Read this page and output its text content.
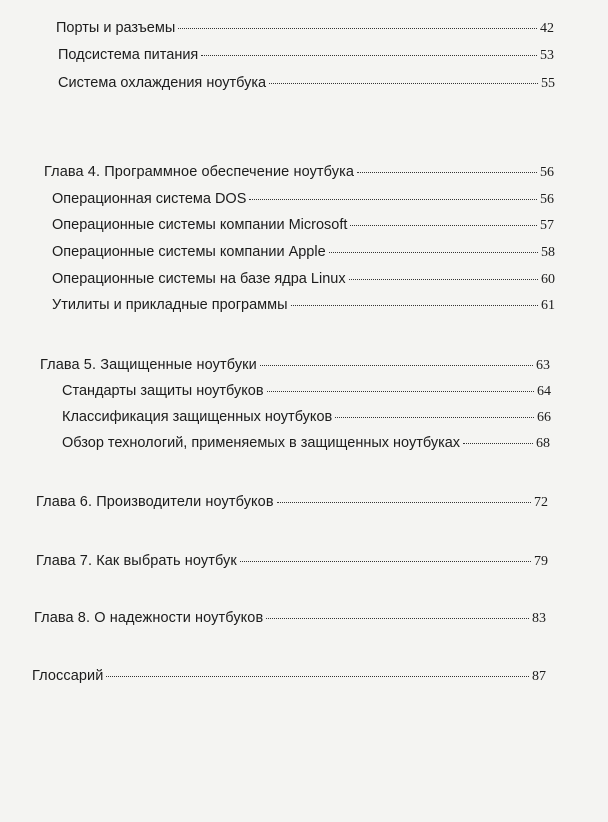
Порты и разъемы	42
Подсистема питания	53
Система охлаждения ноутбука	55
Глава 4. Программное обеспечение ноутбука	56
Операционная система DOS	56
Операционные системы компании Microsoft	57
Операционные системы компании Apple	58
Операционные системы на базе ядра Linux	60
Утилиты и прикладные программы	61
Глава 5. Защищенные ноутбуки	63
Стандарты защиты ноутбуков	64
Классификация защищенных ноутбуков	66
Обзор технологий, применяемых в защищенных ноутбуках	68
Глава 6. Производители ноутбуков	72
Глава 7. Как выбрать ноутбук	79
Глава 8. О надежности ноутбуков	83
Глоссарий	87
